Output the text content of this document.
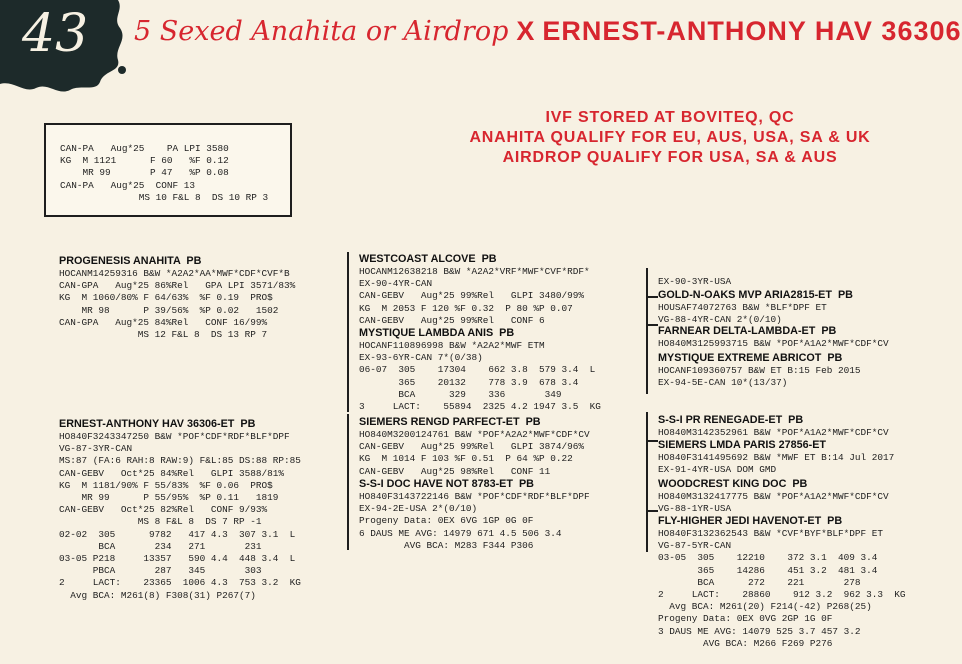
43 5 Sexed Anahita or Airdrop X ERNEST-ANTHONY HAV 36306
IVF STORED AT BOVITEQ, QC
ANAHITA QUALIFY FOR EU, AUS, USA, SA & UK
AIRDROP QUALIFY FOR USA, SA & AUS
CAN-PA   Aug*25    PA LPI 3580
KG  M 1121      F 60   %F 0.12
MR 99       P 47   %P 0.08
CAN-PA   Aug*25  CONF 13
MS 10 F&L 8  DS 10 RP 3
PROGENESIS ANAHITA  PB
HOCANM14259316 B&W *A2A2*AA*MWF*CDF*CVF*B
CAN-GPA   Aug*25 86%Rel   GPA LPI 3571/83%
KG  M 1060/80% F 64/63%  %F 0.19  PRO$
MR 98      P 39/56%  %P 0.02   1502
CAN-GPA   Aug*25 84%Rel   CONF 16/99%
MS 12 F&L 8  DS 13 RP 7
ERNEST-ANTHONY HAV 36306-ET  PB
HO840F3243347250 B&W *POF*CDF*RDF*BLF*DPF
VG-87-3YR-CAN
MS:87 (FA:6 RAH:8 RAW:9) F&L:85 DS:88 RP:85
CAN-GEBV   Oct*25 84%Rel   GLPI 3588/81%
KG  M 1181/90% F 55/83%  %F 0.06  PRO$
MR 99      P 55/95%  %P 0.11   1819
CAN-GEBV   Oct*25 82%Rel   CONF 9/93%
MS 8 F&L 8  DS 7 RP -1
02-02  305      9782   417 4.3  307 3.1  L
BCA       234   271       231
03-05 P218     13357   590 4.4  448 3.4  L
PBCA       287   345       303
2     LACT:    23365  1006 4.3  753 3.2  KG
Avg BCA: M261(8) F308(31) P267(7)
WESTCOAST ALCOVE  PB
HOCANM12638218 B&W *A2A2*VRF*MWF*CVF*RDF*
EX-90-4YR-CAN
CAN-GEBV   Aug*25 99%Rel   GLPI 3480/99%
KG  M 2053 F 120 %F 0.32  P 80 %P 0.07
CAN-GEBV   Aug*25 99%Rel   CONF 6
MYSTIQUE LAMBDA ANIS  PB
HOCANF110896998 B&W *A2A2*MWF ETM
EX-93-6YR-CAN 7*(0/38)
06-07  305    17304    662 3.8  579 3.4  L
365    20132    778 3.9  678 3.4
BCA      329    336       349
3     LACT:    55894  2325 4.2 1947 3.5  KG
SIEMERS RENGD PARFECT-ET  PB
HO840M3200124761 B&W *POF*A2A2*MWF*CDF*CV
CAN-GEBV   Aug*25 99%Rel   GLPI 3874/96%
KG  M 1014 F 103 %F 0.51  P 64 %P 0.22
CAN-GEBV   Aug*25 98%Rel   CONF 11
S-S-I DOC HAVE NOT 8783-ET  PB
HO840F3143722146 B&W *POF*CDF*RDF*BLF*DPF
EX-94-2E-USA 2*(0/10)
Progeny Data: 0EX 6VG 1GP 0G 0F
6 DAUS ME AVG: 14979 671 4.5 506 3.4
AVG BCA: M283 F344 P306
EX-90-3YR-USA
GOLD-N-OAKS MVP ARIA2815-ET  PB
HOUSAF74072763 B&W *BLF*DPF ET
VG-88-4YR-CAN 2*(0/10)
FARNEAR DELTA-LAMBDA-ET  PB
HO840M3125993715 B&W *POF*A1A2*MWF*CDF*CV
MYSTIQUE EXTREME ABRICOT  PB
HOCANF109360757 B&W ET B:15 Feb 2015
EX-94-5E-CAN 10*(13/37)
S-S-I PR RENEGADE-ET  PB
HO840M3142352961 B&W *POF*A1A2*MWF*CDF*CV
SIEMERS LMDA PARIS 27856-ET
HO840F3141495692 B&W *MWF ET B:14 Jul 2017
EX-91-4YR-USA DOM GMD
WOODCREST KING DOC  PB
HO840M3132417775 B&W *POF*A1A2*MWF*CDF*CV
VG-88-1YR-USA
FLY-HIGHER JEDI HAVENOT-ET  PB
HO840F3132362543 B&W *CVF*BYF*BLF*DPF ET
VG-87-5YR-CAN
03-05  305    12210    372 3.1  409 3.4
365    14286    451 3.2  481 3.4
BCA      272    221       278
2     LACT:    28860    912 3.2  962 3.3  KG
Avg BCA: M261(20) F214(-42) P268(25)
Progeny Data: 0EX 0VG 2GP 1G 0F
3 DAUS ME AVG: 14079 525 3.7 457 3.2
AVG BCA: M266 F269 P276
